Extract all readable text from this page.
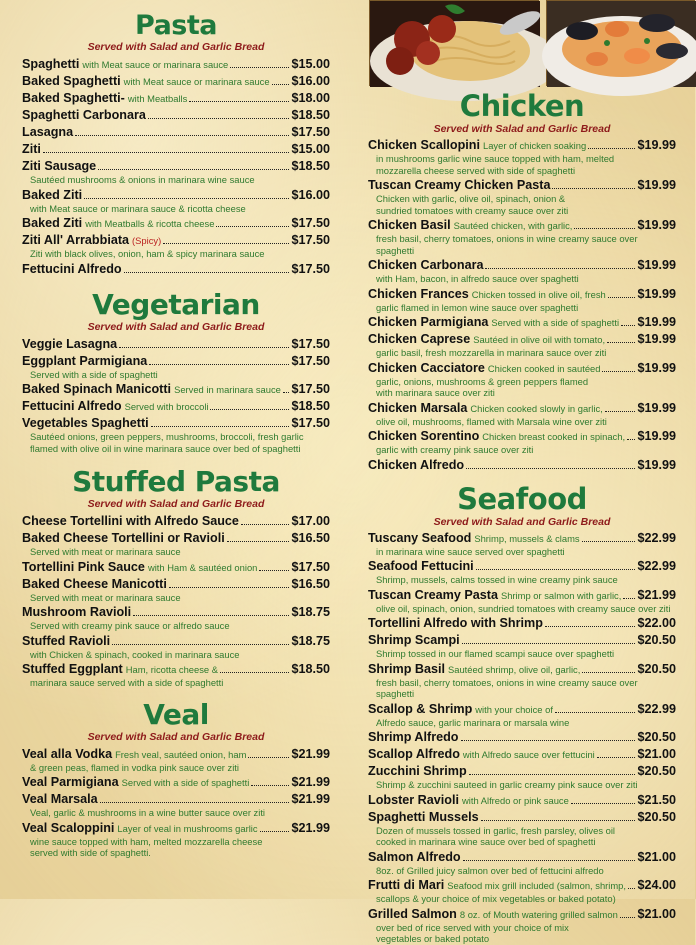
Pasta
Served with Salad and Garlic Bread
Spaghetti with Meat sauce or marinara sauce	$15.00
Baked Spaghetti with Meat sauce or marinara sauce $16.00
Baked Spaghetti- with Meatballs	$18.00
Spaghetti Carbonara	$18.50
Lasagna	$17.50
Ziti	$15.00
Ziti Sausage	$18.50
Sautéed mushrooms & onions in marinara wine sauce
Baked Ziti	$16.00
with Meat sauce or marinara sauce & ricotta cheese
Baked Ziti with Meatballs & ricotta cheese	$17.50
Ziti All' Arrabbiata (Spicy)	$17.50
Ziti with black olives, onion, ham & spicy marinara sauce
Fettucini Alfredo	$17.50
Vegetarian
Served with Salad and Garlic Bread
Veggie Lasagna	$17.50
Eggplant Parmigiana	$17.50
Served with a side of spaghetti
Baked Spinach Manicotti Served in marinara sauce $17.50
Fettucini Alfredo Served with broccoli	$18.50
Vegetables Spaghetti	$17.50
Sautéed onions, green peppers, mushrooms, broccoli, fresh garlic
flamed with olive oil in wine marinara sauce over bed of spaghetti
Stuffed Pasta
Served with Salad and Garlic Bread
Cheese Tortellini with Alfredo Sauce	$17.00
Baked Cheese Tortellini or Ravioli	$16.50
Served with meat or marinara sauce
Tortellini Pink Sauce with Ham & sautéed onion	$17.50
Baked Cheese Manicotti	$16.50
Served with meat or marinara sauce
Mushroom Ravioli	$18.75
Served with creamy pink sauce or alfredo sauce
Stuffed Ravioli	$18.75
with Chicken & spinach, cooked in marinara sauce
Stuffed Eggplant Ham, ricotta cheese &	$18.50
marinara sauce served with a side of spaghetti
Veal
Served with Salad and Garlic Bread
Veal alla Vodka Fresh veal, sautéed onion, ham	$21.99
& green peas, flamed in vodka pink sauce over ziti
Veal Parmigiana Served with a side of spaghetti	$21.99
Veal Marsala	$21.99
Veal, garlic & mushrooms in a wine butter sauce over ziti
Veal Scaloppini Layer of veal in mushrooms garlic	$21.99
wine sauce topped with ham, melted mozzarella cheese
served with side of spaghetti.
Chicken
Served with Salad and Garlic Bread
Chicken Scallopini Layer of chicken soaking	$19.99
in mushrooms garlic wine sauce topped with ham, melted
mozzarella cheese served with side of spaghetti
Tuscan Creamy Chicken Pasta	$19.99
Chicken with garlic, olive oil, spinach, onion &
sundried tomatoes with creamy sauce over ziti
Chicken Basil Sautéed chicken, with garlic,	$19.99
fresh basil, cherry tomatoes, onions in wine creamy sauce over spaghetti
Chicken Carbonara	$19.99
with Ham, bacon, in alfredo sauce over spaghetti
Chicken Frances Chicken tossed in olive oil, fresh	$19.99
garlic flamed in lemon wine sauce over spaghetti
Chicken Parmigiana Served with a side of spaghetti $19.99
Chicken Caprese Sautéed in olive oil with tomato,	$19.99
garlic basil, fresh mozzarella in marinara sauce over ziti
Chicken Cacciatore Chicken cooked in sautéed	$19.99
garlic, onions, mushrooms & green peppers flamed
with marinara sauce over ziti
Chicken Marsala Chicken cooked slowly in garlic,	$19.99
olive oil, mushrooms, flamed with Marsala wine over ziti
Chicken Sorentino Chicken breast cooked in spinach, $19.99
garlic with creamy pink sauce over ziti
Chicken Alfredo	$19.99
Seafood
Served with Salad and Garlic Bread
Tuscany Seafood Shrimp, mussels & clams	$22.99
in marinara wine sauce served over spaghetti
Seafood Fettucini	$22.99
Shrimp, mussels, calms tossed in wine creamy pink sauce
Tuscan Creamy Pasta Shrimp or salmon with garlic, $21.99
olive oil, spinach, onion, sundried tomatoes with creamy sauce over ziti
Tortellini Alfredo with Shrimp	$22.00
Shrimp Scampi	$20.50
Shrimp tossed in our flamed scampi sauce over spaghetti
Shrimp Basil Sautéed shrimp, olive oil, garlic,	$20.50
fresh basil, cherry tomatoes, onions in wine creamy sauce over spaghetti
Scallop & Shrimp with your choice of	$22.99
Alfredo sauce, garlic marinara or marsala wine
Shrimp Alfredo	$20.50
Scallop Alfredo with Alfredo sauce over fettucini	$21.00
Zucchini Shrimp	$20.50
Shrimp & zucchini sauteed in garlic creamy pink sauce over ziti
Lobster Ravioli with Alfredo or pink sauce	$21.50
Spaghetti Mussels	$20.50
Dozen of mussels tossed in garlic, fresh parsley, olives oil
cooked in marinara wine sauce over bed of spaghetti
Salmon Alfredo	$21.00
8oz. of Grilled juicy salmon over bed of fettucini alfredo
Frutti di Mari Seafood mix grill included (salmon, shrimp, $24.00
scallops & your choice of mix vegetables or baked potato)
Grilled Salmon 8 oz. of Mouth watering grilled salmon $21.00
over bed of rice served with your choice of mix
vegetables or baked potato
